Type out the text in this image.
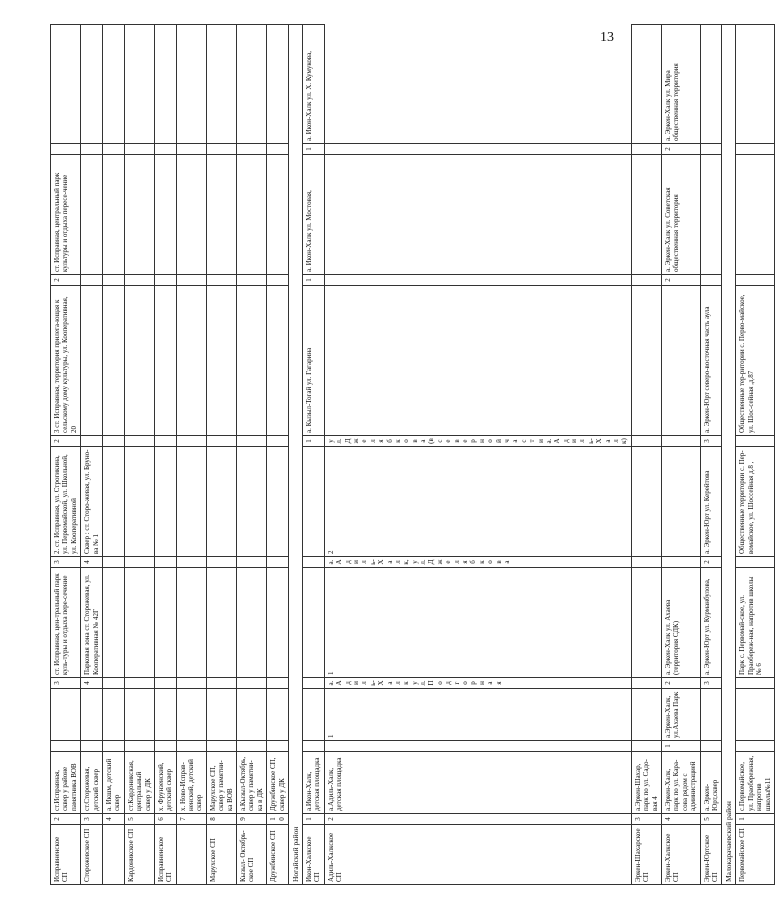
13
Исправненское СП	2	ст.Исправная, сквер у районе памятника ВОВ			3	ст. Исправная, цен-тральный парк куль-туры и отдыха пере-сечение	3	2. ст. Исправная, ул. Строгикина, ул. Первомайской, ул. Школьной, ул. Кооперативной	2	3 ст. Исправная, территория прилега-ющая к сельскому дому культуры, ул. Кооперативная, 20	2	ст. Исправная, центральный парк культуры и отдыха пересе-чение		
Сторожевское СП	3	ст.Сторожевая, детский сквер			4	Парковая зона ст. Сторожевая, ул. Кооперативная № 42Г	4	Сквер : ст. Сторо-жевая, ул. Бруно-ва № 1						
	4	а. Икшм, детский сквер												
Кардоникское СП	5	ст.Кардоникская, центральный сквер у ДК												
Исправненское СП	6	х. Фрунзенский, детский сквер												
	7	х. Ново-Исправ-ненский, детский сквер												
Марухское СП	8	Марухское СП, сквер у памятни-ка ВОВ												
Кызыл- Октябрь-ское СП	9	а.Кызыл-Октябрь, сквер у памятни-ка в ДК												
Дружбинское СП	10	Дружбинское СП, сквер у ДК												
Ногайский район														
Икон-Халкское СП	1	а.Икон-Халк, детская площадка							1	а. Кызыл-Тогай ул. Гагарина	1	а. Икон-Халк ул. Мостовая,	1	а. Икон-Халк ул. Х. Кумукова,
Адиль-Халкское СП	2	а.Адиль-Халк, детская площадка		1	а. Адиль-Халк ул. Подгорная	1	а. Адиль-Халк, ул. Джелябкова	2	ул. Джелябкова (в северной части а. Адиль-Халк)					
Эркен-Шахарское СП	3	а.Эркен-Шахар, парк по ул. Садо-вая 4												
Эркен-Халкское СП	4	а.Эркен-Халк, парк по ул. Кара-сова рядом с администрацией	1	а.Эркен-Халк, ул.Ахаева Парк	2	а. Эркен-Халк ул. Ахаева (территория СДК)					2	а. Эркен-Халк ул. Советская общественная территория	2	а. Эркен-Халк ул. Мира общественная территория
Эркен-Юртское СП	5	а. Эркен-Юрт,сквер			3	а. Эркен-Юрт ул. Курманбулова,	2	а. Эркен-Юрт ул. Керейтова	3	а. Эркен-Юрт северо-восточная часть аула				
Малокарачаевский район														
Первомайское СП	1	с.Первомайское, ул. Праобережная, напротив школы№11				Парк с. Первомай-ское, ул. Праобереж-ная, напротив школы № 6		Общественные территории с. Пер-вомайское, ул. Шоссейная д.8 ,		Общественные тер-ритории с. Перво-майское, ул. Шос-сейная ,д.87				
